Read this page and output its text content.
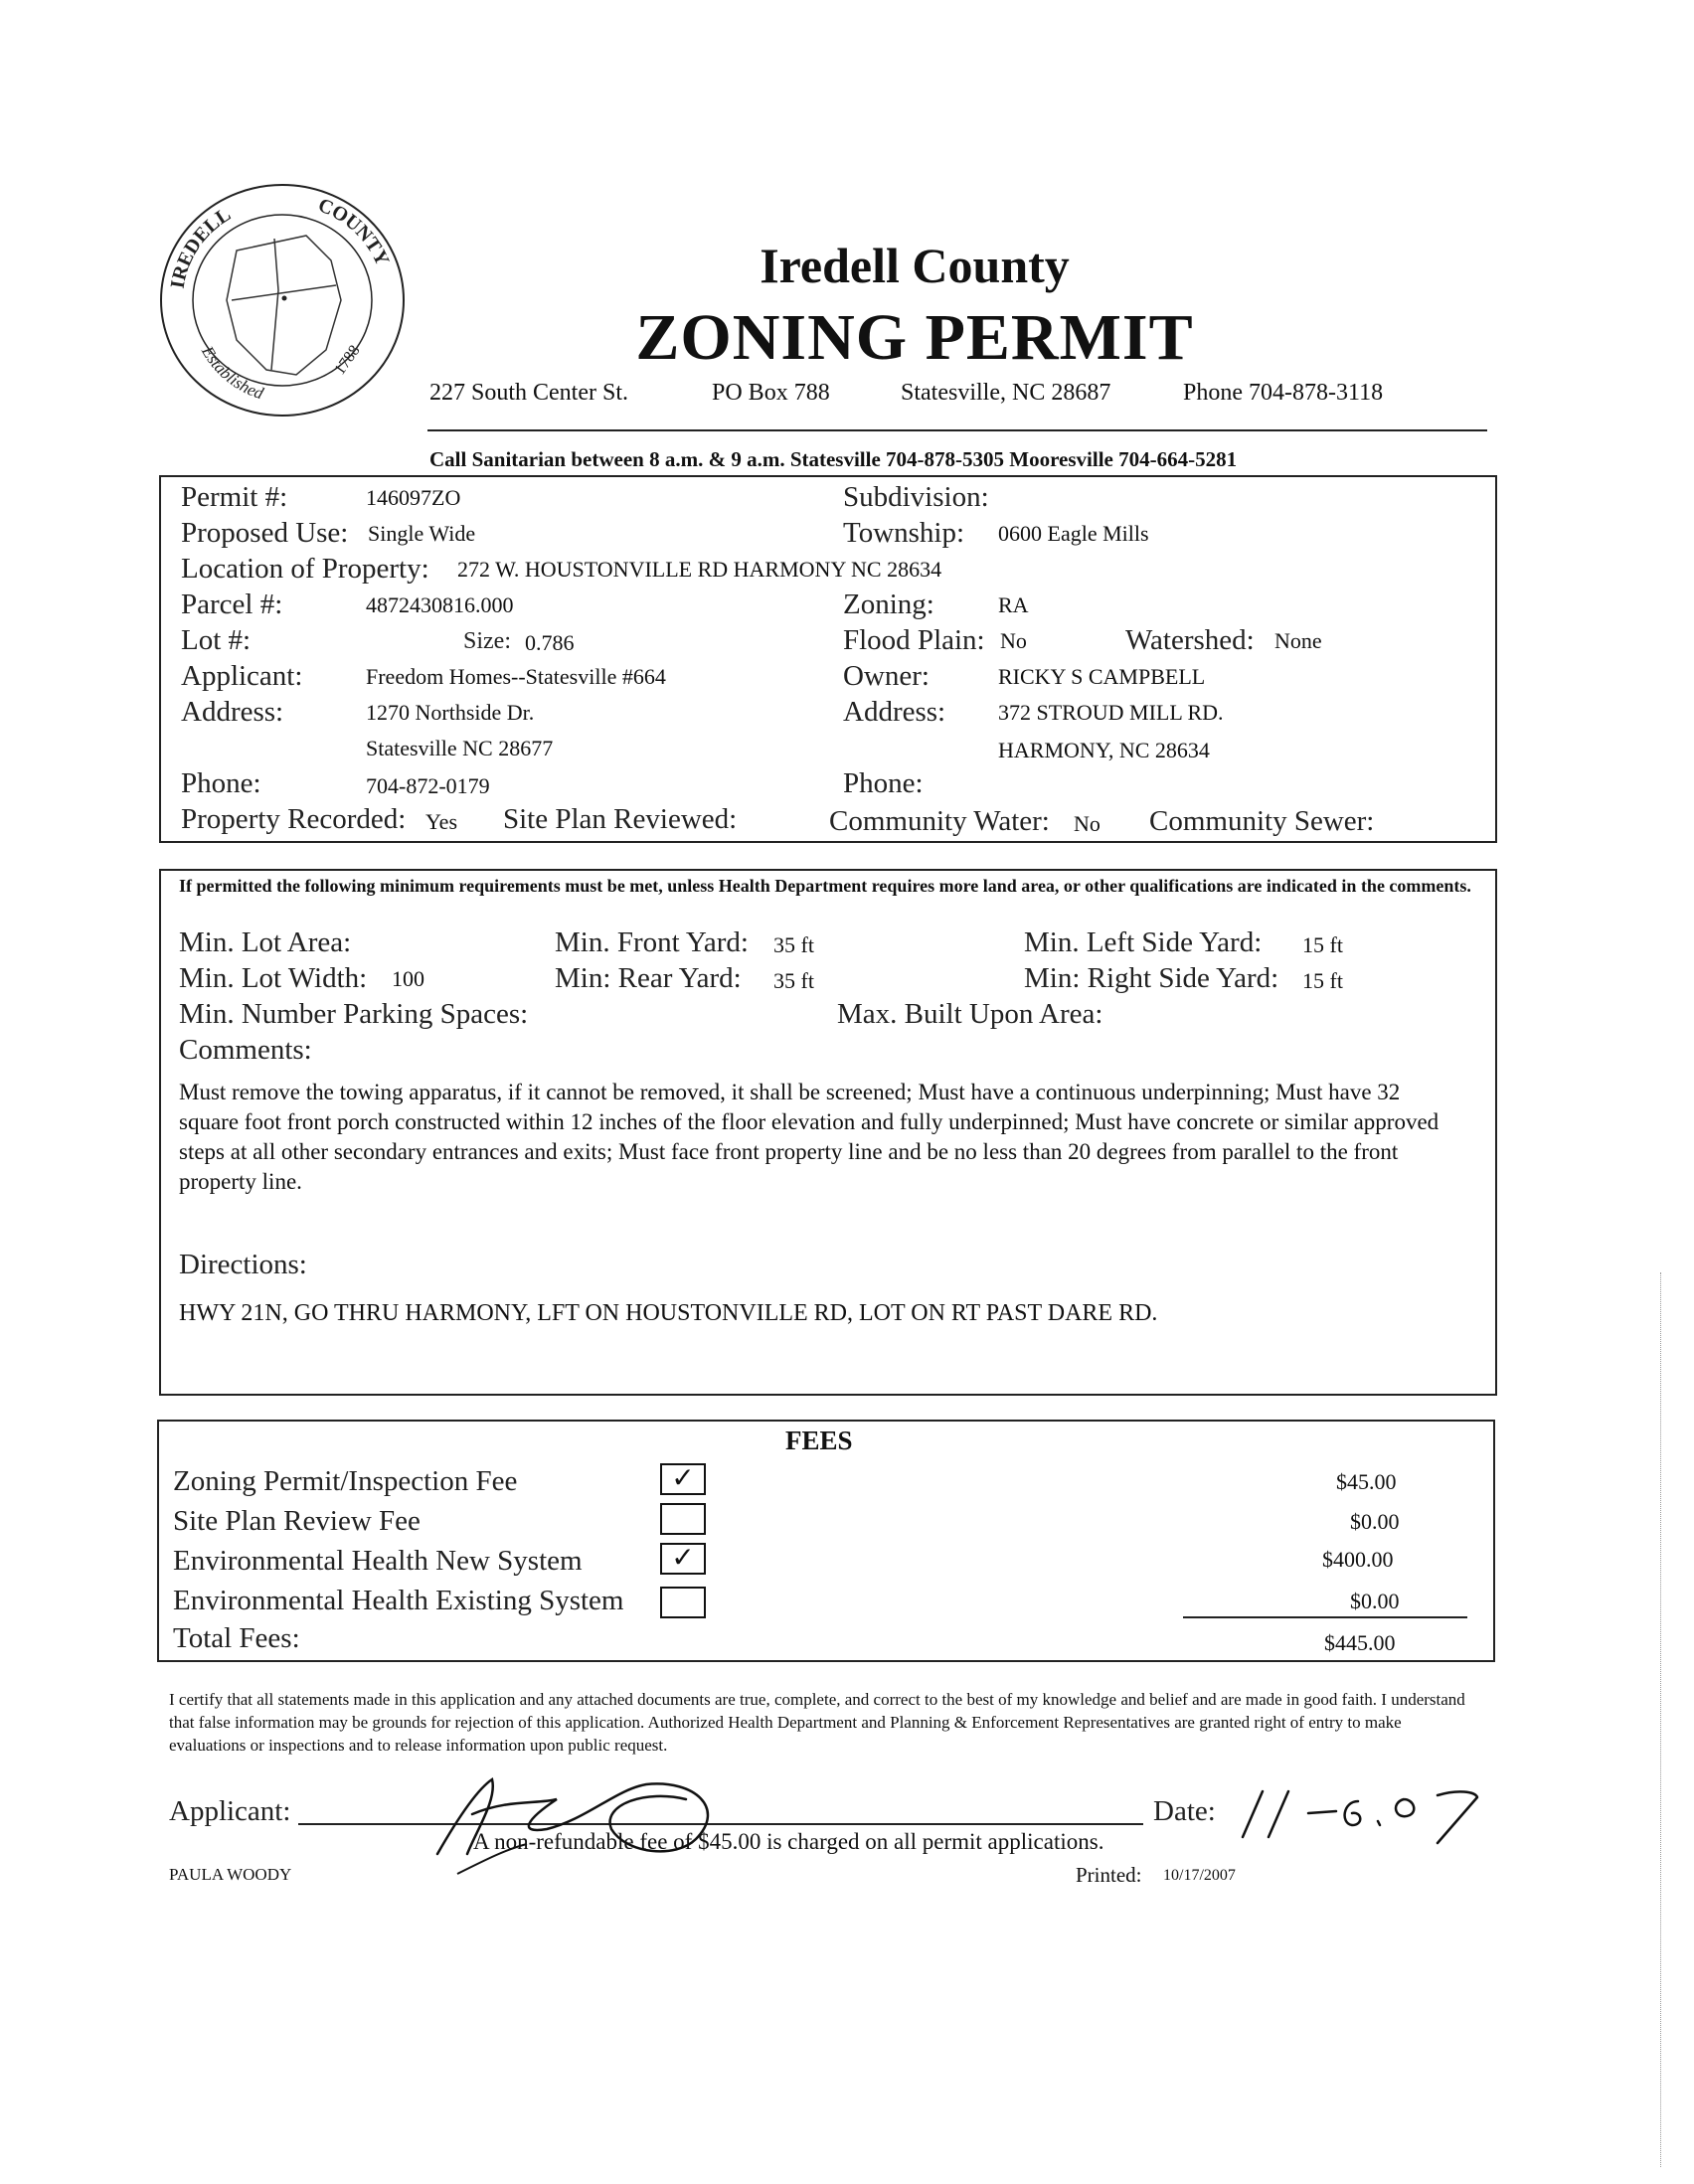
IREDELL	COUNTY
Established
1788
Iredell County
ZONING PERMIT
227 South Center St.	PO Box 788	Statesville, NC 28687	Phone 704-878-3118
Call Sanitarian between 8 a.m. & 9 a.m. Statesville 704-878-5305 Mooresville 704-664-5281
Permit #:	146097ZO	Subdivision:
Proposed Use: Single Wide	Township: 0600 Eagle Mills
Location of Property: 272 W. HOUSTONVILLE RD HARMONY NC 28634
Parcel #:	4872430816.000	Zoning:	RA
Lot #:	Size: 0.786	Flood Plain: No	Watershed: None
Applicant:	Freedom Homes--Statesville #664	Owner:	RICKY S CAMPBELL
Address:	1270 Northside Dr.	Address: 372 STROUD MILL RD.
Statesville NC 28677	HARMONY, NC 28634
Phone:	704-872-0179	Phone:
Property Recorded: Yes Site Plan Reviewed:	Community Water: No Community Sewer:
If permitted the following minimum requirements must be met, unless Health Department requires more land area, or other qualifications are indicated in the comments.
Min. Lot Area:	Min. Front Yard: 35 ft	Min. Left Side Yard: 15 ft
Min. Lot Width: 100	Min: Rear Yard: 35 ft	Min: Right Side Yard: 15 ft
Min. Number Parking Spaces:	Max. Built Upon Area:
Comments:
Must remove the towing apparatus, if it cannot be removed, it shall be screened; Must have a continuous underpinning; Must have 32 square foot front porch constructed within 12 inches of the floor elevation and fully underpinned; Must have concrete or similar approved steps at all other secondary entrances and exits; Must face front property line and be no less than 20 degrees from parallel to the front property line.
Directions:
HWY 21N, GO THRU HARMONY, LFT ON HOUSTONVILLE RD, LOT ON RT PAST DARE RD.
FEES
Zoning Permit/Inspection Fee	✓	$45.00
Site Plan Review Fee	$0.00
Environmental Health New System	✓	$400.00
Environmental Health Existing System	$0.00
Total Fees:	$445.00
I certify that all statements made in this application and any attached documents are true, complete, and correct to the best of my knowledge and belief and are made in good faith. I understand that false information may be grounds for rejection of this application. Authorized Health Department and Planning & Enforcement Representatives are granted right of entry to make evaluations or inspections and to release information upon public request.
Applicant:	Date:
A non-refundable fee of $45.00 is charged on all permit applications.
PAULA WOODY	Printed: 10/17/2007
